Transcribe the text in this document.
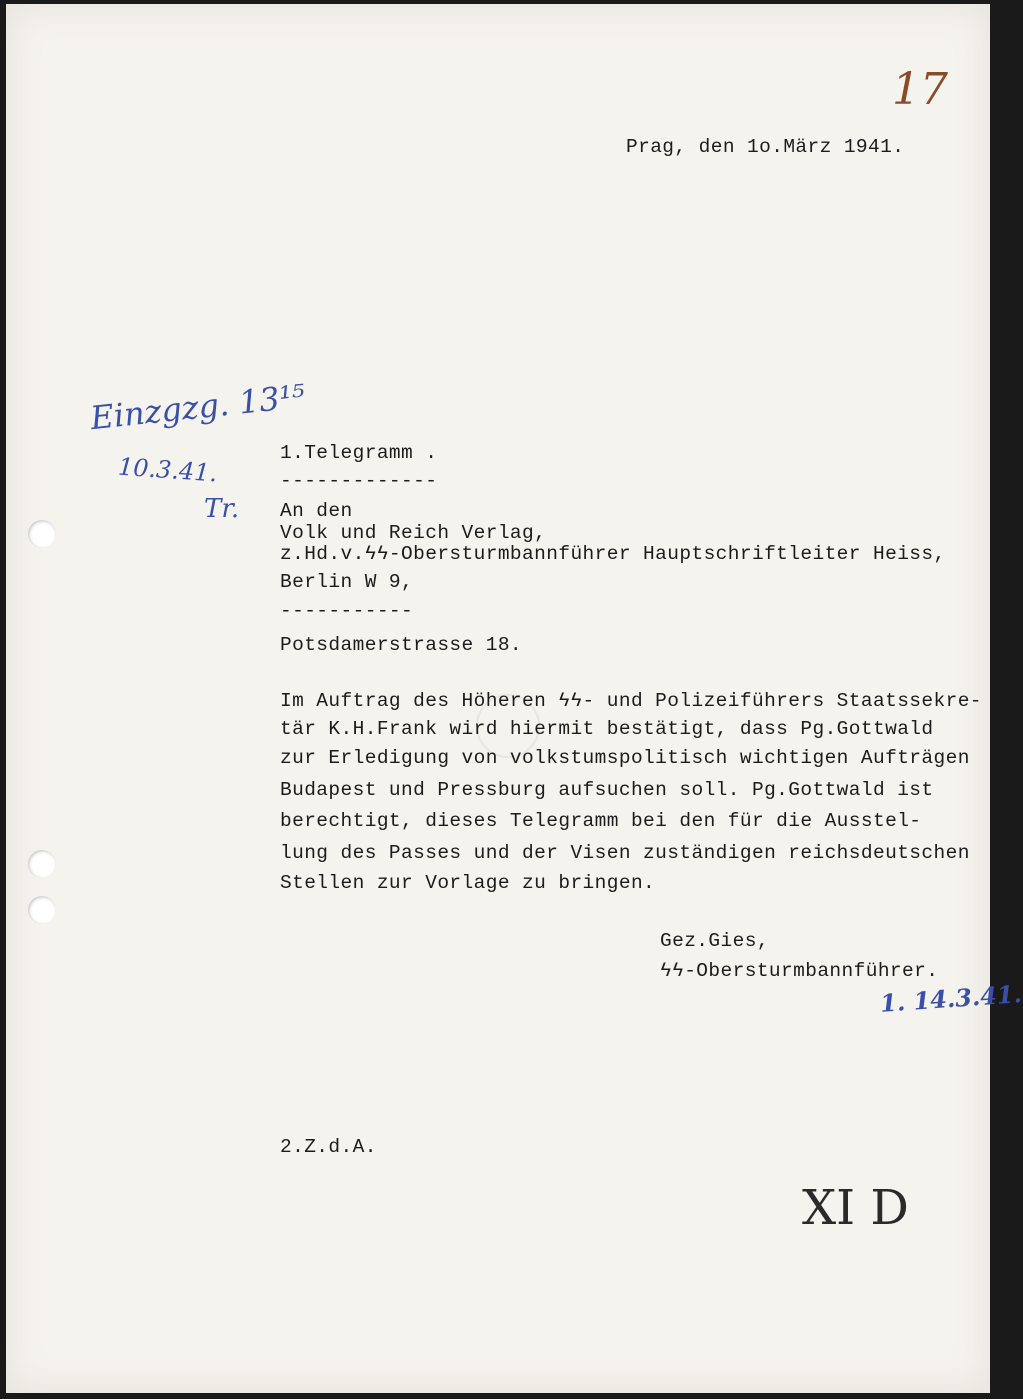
17
Prag, den 1o.März 1941.
Einzgzg. 13¹⁵
10.3.41.
Tr.
1.Telegramm .
-------------
An den
Volk und Reich Verlag,
z.Hd.v.ϟϟ-Obersturmbannführer Hauptschriftleiter Heiss,
Berlin W 9,
-----------
Potsdamerstrasse 18.
Im Auftrag des Höheren ϟϟ- und Polizeiführers Staatssekre-
tär K.H.Frank wird hiermit bestätigt, dass Pg.Gottwald
zur Erledigung von volkstumspolitisch wichtigen Aufträgen
Budapest und Pressburg aufsuchen soll. Pg.Gottwald ist
berechtigt, dieses Telegramm bei den für die Ausstel-
lung des Passes und der Visen zuständigen reichsdeutschen
Stellen zur Vorlage zu bringen.
Gez.Gies,
ϟϟ-Obersturmbannführer.
1. 14.3.41.
2.Z.d.A.
XI D
